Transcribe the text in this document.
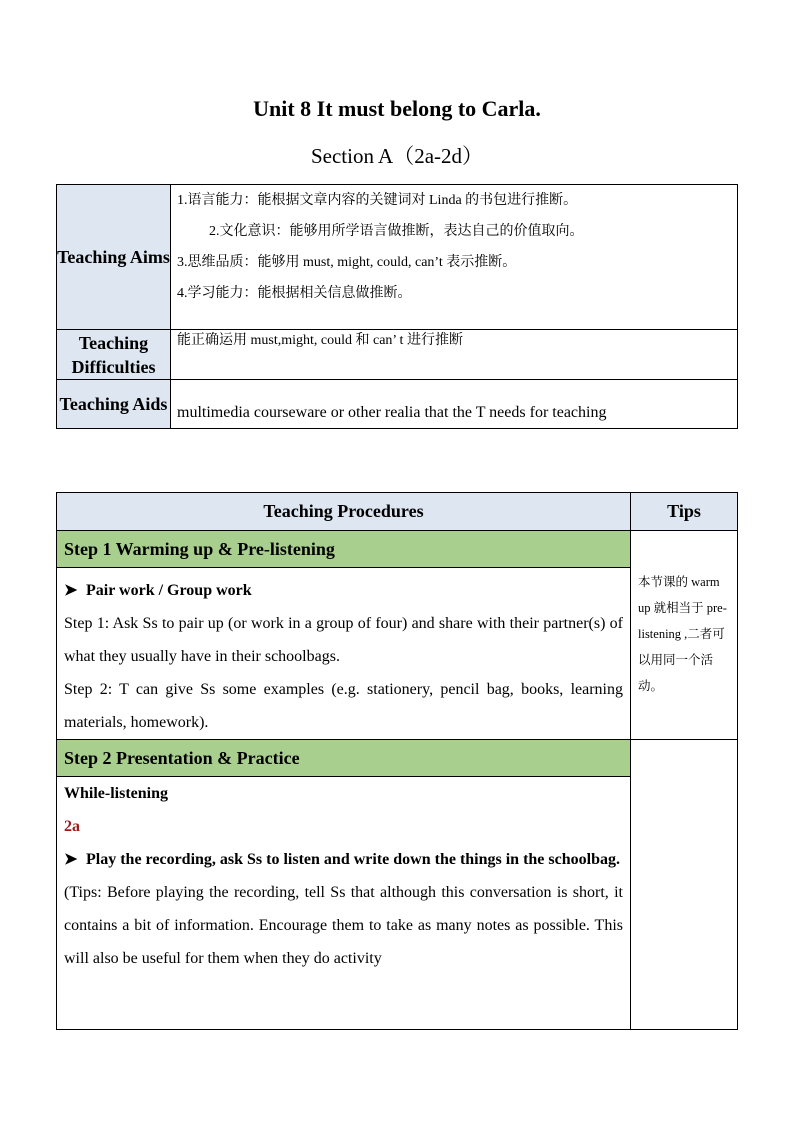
Unit 8 It must belong to Carla.
Section A（2a-2d）
Teaching Aims	1.语言能力：能根据文章内容的关键词对 Linda 的书包进行推断。
2.文化意识：能够用所学语言做推断，表达自己的价值取向。
3.思维品质：能够用 must, might, could, can’t 表示推断。
4.学习能力：能根据相关信息做推断。

Teaching Difficulties	能正确运用 must,might, could 和 can’ t 进行推断

Teaching Aids	multimedia courseware or other realia that the T needs for teaching
Teaching Procedures	Tips
Step 1 Warming up & Pre-listening	本节课的 warm up 就相当于 pre-listening ,二者可以用同一个活动。

➤ Pair work / Group work
Step 1: Ask Ss to pair up (or work in a group of four) and share with their partner(s) of what they usually have in their schoolbags.
Step 2: T can give Ss some examples (e.g. stationery, pencil bag, books, learning materials, homework).	

Step 2 Presentation & Practice	

While-listening
2a
➤ Play the recording, ask Ss to listen and write down the things in the schoolbag.
(Tips: Before playing the recording, tell Ss that although this conversation is short, it contains a bit of information. Encourage them to take as many notes as possible. This will also be useful for them when they do activity	
